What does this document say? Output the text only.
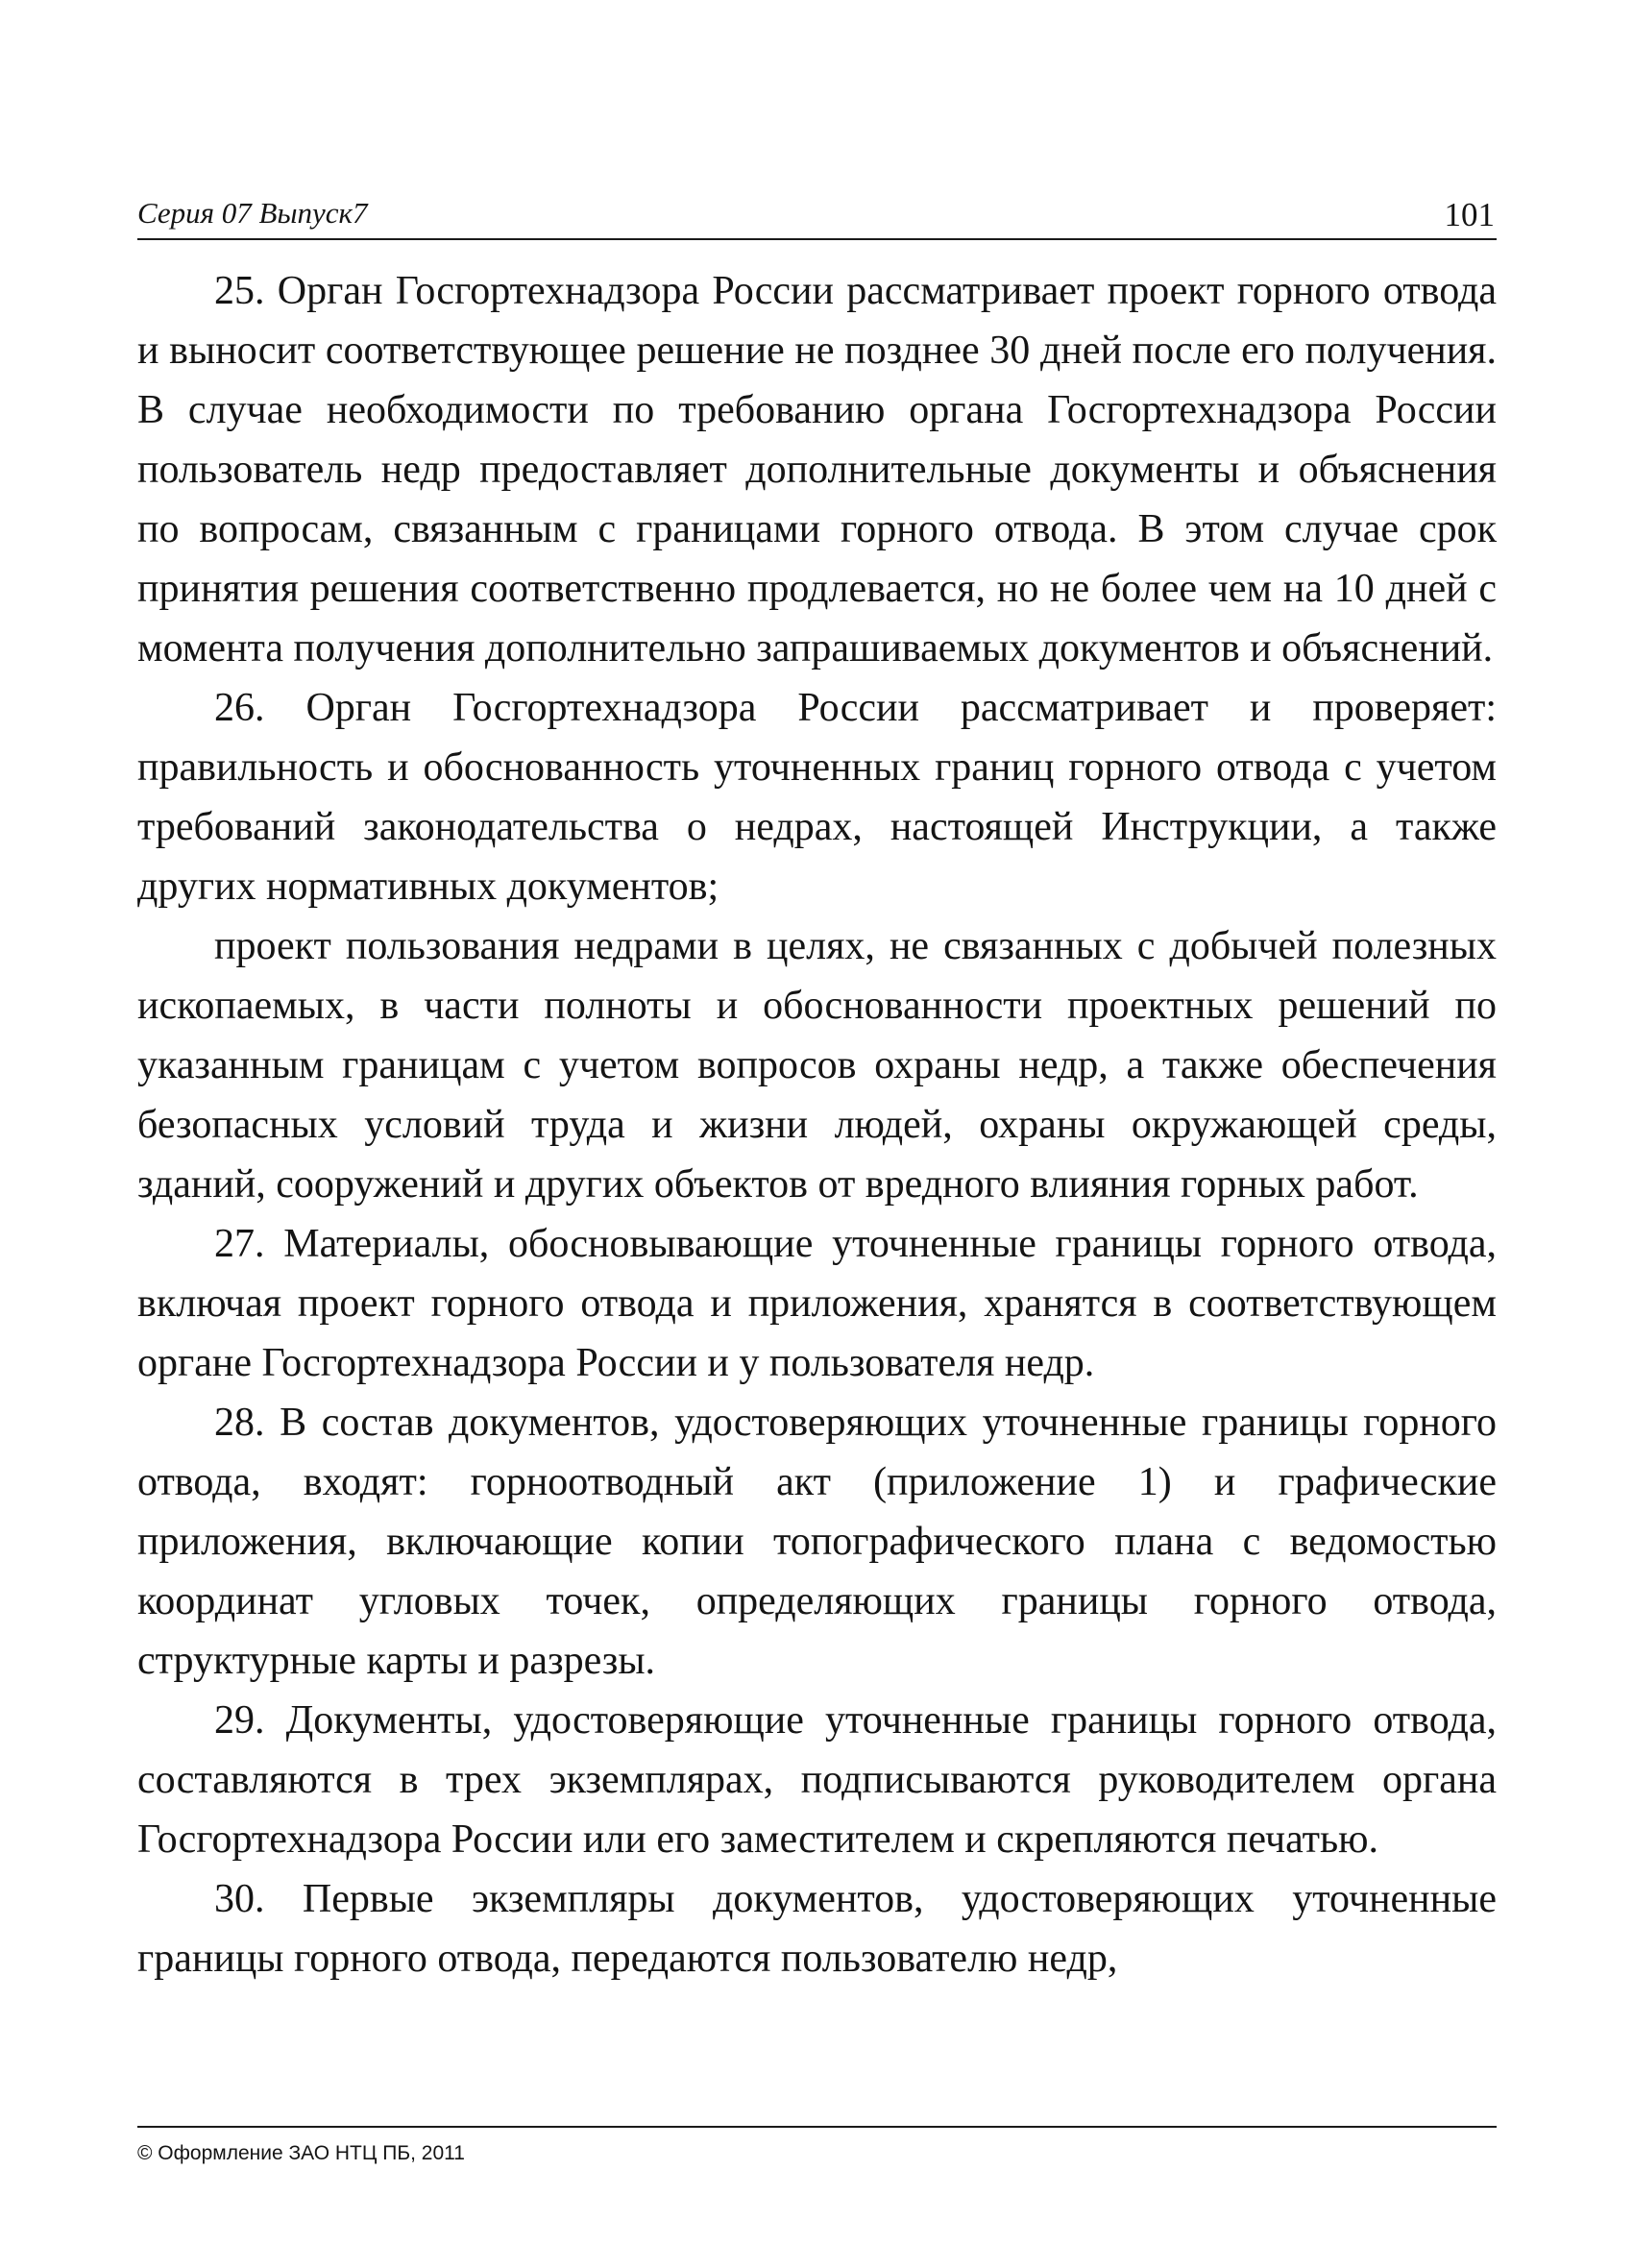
Серия 07 Выпуск7	101

25. Орган Госгортехнадзора России рассматривает проект горного отвода и выносит соответствующее решение не позднее 30 дней после его получения. В случае необходимости по требованию органа Госгортехнадзора России пользователь недр предоставляет дополнительные документы и объяснения по вопросам, связанным с границами горного отвода. В этом случае срок принятия решения соответственно продлевается, но не более чем на 10 дней с момента получения дополнительно запрашиваемых документов и объяснений.

26. Орган Госгортехнадзора России рассматривает и проверяет: правильность и обоснованность уточненных границ горного отвода с учетом требований законодательства о недрах, настоящей Инструкции, а также других нормативных документов;

проект пользования недрами в целях, не связанных с добычей полезных ископаемых, в части полноты и обоснованности проектных решений по указанным границам с учетом вопросов охраны недр, а также обеспечения безопасных условий труда и жизни людей, охраны окружающей среды, зданий, сооружений и других объектов от вредного влияния горных работ.

27. Материалы, обосновывающие уточненные границы горного отвода, включая проект горного отвода и приложения, хранятся в соответствующем органе Госгортехнадзора России и у пользователя недр.

28. В состав документов, удостоверяющих уточненные границы горного отвода, входят: горноотводный акт (приложение 1) и графические приложения, включающие копии топографического плана с ведомостью координат угловых точек, определяющих границы горного отвода, структурные карты и разрезы.

29. Документы, удостоверяющие уточненные границы горного отвода, составляются в трех экземплярах, подписываются руководителем органа Госгортехнадзора России или его заместителем и скрепляются печатью.

30. Первые экземпляры документов, удостоверяющих уточненные границы горного отвода, передаются пользователю недр,

© Оформление ЗАО НТЦ ПБ, 2011
